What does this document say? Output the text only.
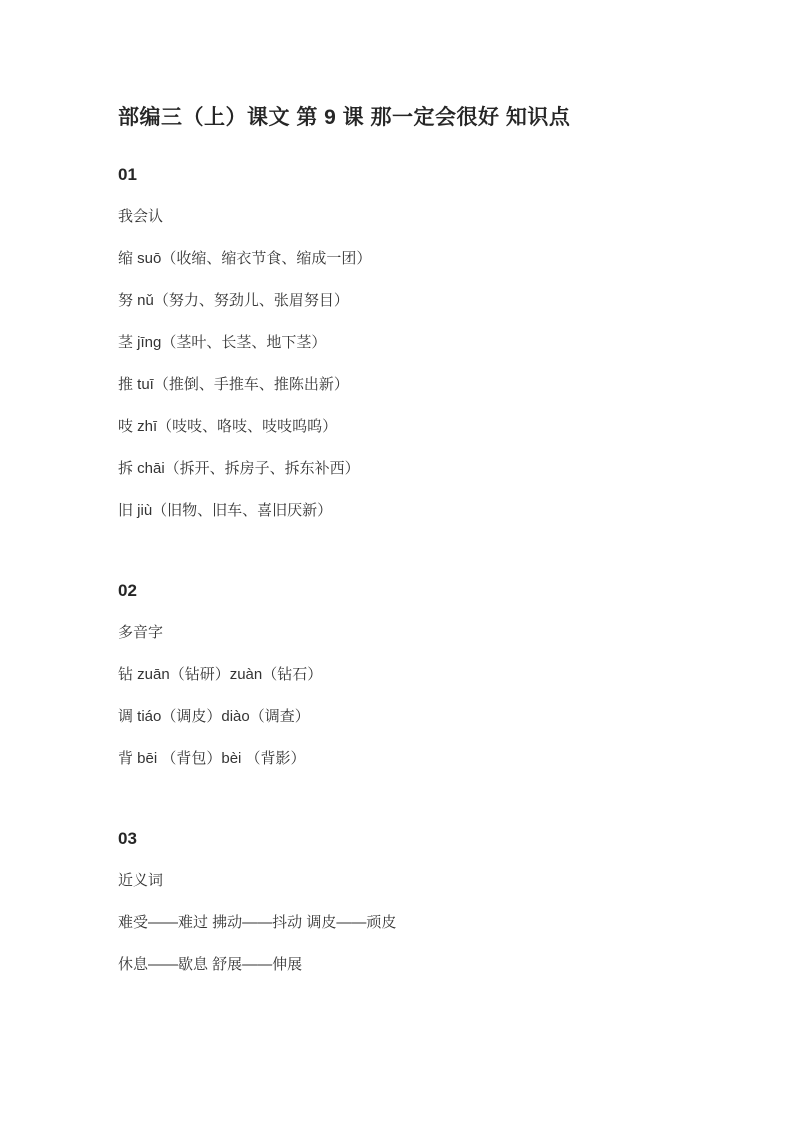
部编三（上）课文 第 9 课 那一定会很好 知识点

01

我会认

缩 suō（收缩、缩衣节食、缩成一团）

努 nǔ（努力、努劲儿、张眉努目）

茎 jīng（茎叶、长茎、地下茎）

推 tuī（推倒、手推车、推陈出新）

吱 zhī（吱吱、咯吱、吱吱呜呜）

拆 chāi（拆开、拆房子、拆东补西）

旧 jiù（旧物、旧车、喜旧厌新）

02

多音字

钻 zuān（钻研）zuàn（钻石）

调 tiáo（调皮）diào（调查）

背 bēi （背包）bèi （背影）

03

近义词

难受——难过 拂动——抖动 调皮——顽皮

休息——歇息 舒展——伸展
